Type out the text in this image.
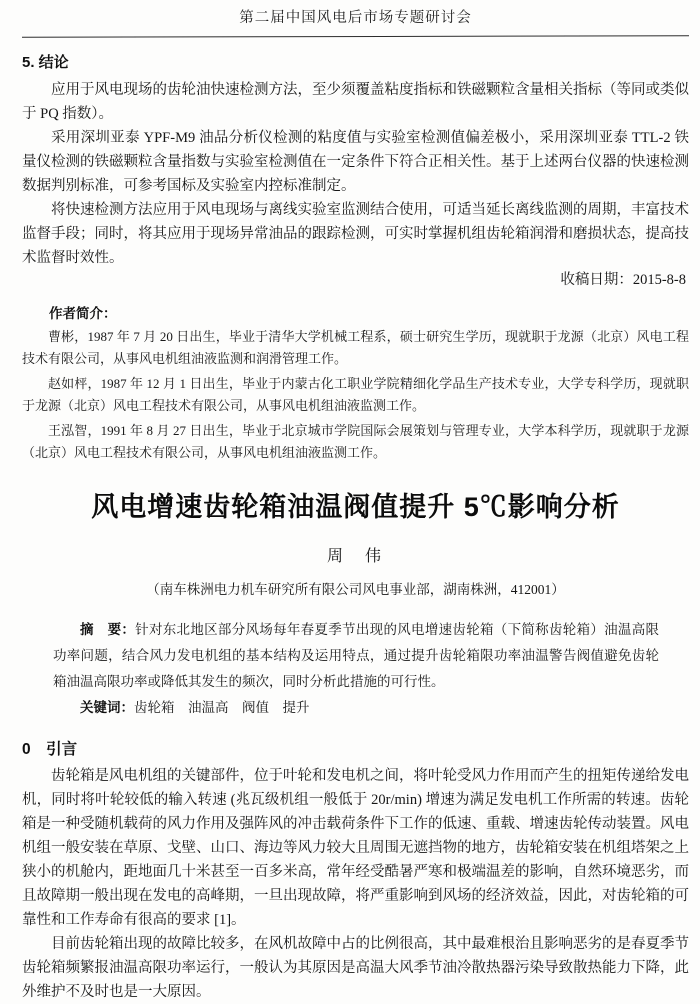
第二届中国风电后市场专题研讨会
5. 结论

应用于风电现场的齿轮油快速检测方法，至少须覆盖粘度指标和铁磁颗粒含量相关指标（等同或类似于 PQ 指数）。

采用深圳亚泰 YPF-M9 油品分析仪检测的粘度值与实验室检测值偏差极小，采用深圳亚泰 TTL-2 铁量仪检测的铁磁颗粒含量指数与实验室检测值在一定条件下符合正相关性。基于上述两台仪器的快速检测数据判别标准，可参考国标及实验室内控标准制定。

将快速检测方法应用于风电现场与离线实验室监测结合使用，可适当延长离线监测的周期，丰富技术监督手段；同时，将其应用于现场异常油品的跟踪检测，可实时掌握机组齿轮箱润滑和磨损状态，提高技术监督时效性。

收稿日期：2015-8-8
作者简介：

曹彬，1987 年 7 月 20 日出生，毕业于清华大学机械工程系，硕士研究生学历，现就职于龙源（北京）风电工程技术有限公司，从事风电机组油液监测和润滑管理工作。

赵如枰，1987 年 12 月 1 日出生，毕业于内蒙古化工职业学院精细化学品生产技术专业，大学专科学历，现就职于龙源（北京）风电工程技术有限公司，从事风电机组油液监测工作。

王泓智，1991 年 8 月 27 日出生，毕业于北京城市学院国际会展策划与管理专业，大学本科学历，现就职于龙源（北京）风电工程技术有限公司，从事风电机组油液监测工作。

风电增速齿轮箱油温阀值提升 5℃影响分析
周　伟
（南车株洲电力机车研究所有限公司风电事业部，湖南株洲，412001）

摘　要：针对东北地区部分风场每年春夏季节出现的风电增速齿轮箱（下简称齿轮箱）油温高限功率问题，结合风力发电机组的基本结构及运用特点，通过提升齿轮箱限功率油温警告阀值避免齿轮箱油温高限功率或降低其发生的频次，同时分析此措施的可行性。

关键词：齿轮箱　油温高　阀值　提升

0　引言

齿轮箱是风电机组的关键部件，位于叶轮和发电机之间，将叶轮受风力作用而产生的扭矩传递给发电机，同时将叶轮较低的输入转速 (兆瓦级机组一般低于 20r/min) 增速为满足发电机工作所需的转速。齿轮箱是一种受随机载荷的风力作用及强阵风的冲击载荷条件下工作的低速、重载、增速齿轮传动装置。风电机组一般安装在草原、戈壁、山口、海边等风力较大且周围无遮挡物的地方，齿轮箱安装在机组塔架之上狭小的机舱内，距地面几十米甚至一百多米高，常年经受酷暑严寒和极端温差的影响，自然环境恶劣，而且故障期一般出现在发电的高峰期，一旦出现故障，将严重影响到风场的经济效益，因此，对齿轮箱的可靠性和工作寿命有很高的要求 [1]。

目前齿轮箱出现的故障比较多，在风机故障中占的比例很高，其中最难根治且影响恶劣的是春夏季节齿轮箱频繁报油温高限功率运行，一般认为其原因是高温大风季节油冷散热器污染导致散热能力下降，此外维护不及时也是一大原因。
